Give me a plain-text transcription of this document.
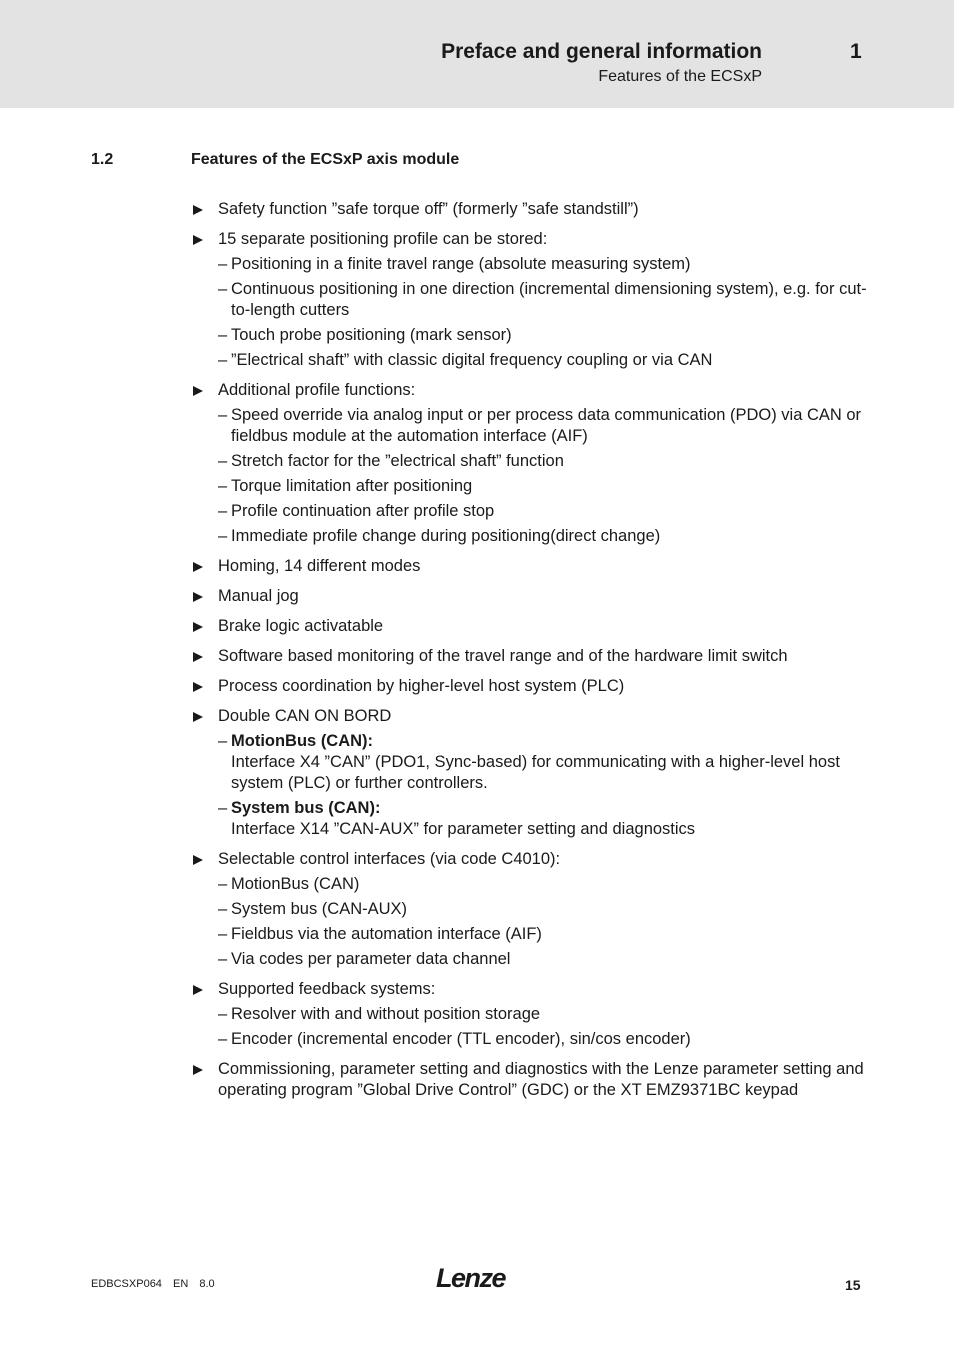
Preface and general information	1
Features of the ECSxP
1.2	Features of the ECSxP axis module
Safety function ”safe torque off” (formerly ”safe standstill”)
15 separate positioning profile can be stored:
– Positioning in a finite travel range (absolute measuring system)
– Continuous positioning in one direction (incremental dimensioning system), e.g. for cut-to-length cutters
– Touch probe positioning (mark sensor)
– ”Electrical shaft” with classic digital frequency coupling or via CAN
Additional profile functions:
– Speed override via analog input or per process data communication (PDO) via CAN or fieldbus module at the automation interface (AIF)
– Stretch factor for the ”electrical shaft” function
– Torque limitation after positioning
– Profile continuation after profile stop
– Immediate profile change during positioning(direct change)
Homing, 14 different modes
Manual jog
Brake logic activatable
Software based monitoring of the travel range and of the hardware limit switch
Process coordination by higher-level host system (PLC)
Double CAN ON BORD
– MotionBus (CAN):
Interface X4 ”CAN” (PDO1, Sync-based) for communicating with a higher-level host system (PLC) or further controllers.
– System bus (CAN):
Interface X14 ”CAN-AUX” for parameter setting and diagnostics
Selectable control interfaces (via code C4010):
– MotionBus (CAN)
– System bus (CAN-AUX)
– Fieldbus via the automation interface (AIF)
– Via codes per parameter data channel
Supported feedback systems:
– Resolver with and without position storage
– Encoder (incremental encoder (TTL encoder), sin/cos encoder)
Commissioning, parameter setting and diagnostics with the Lenze parameter setting and operating program ”Global Drive Control” (GDC) or the XT EMZ9371BC keypad
EDBCSXP064 EN 8.0	Lenze	15
